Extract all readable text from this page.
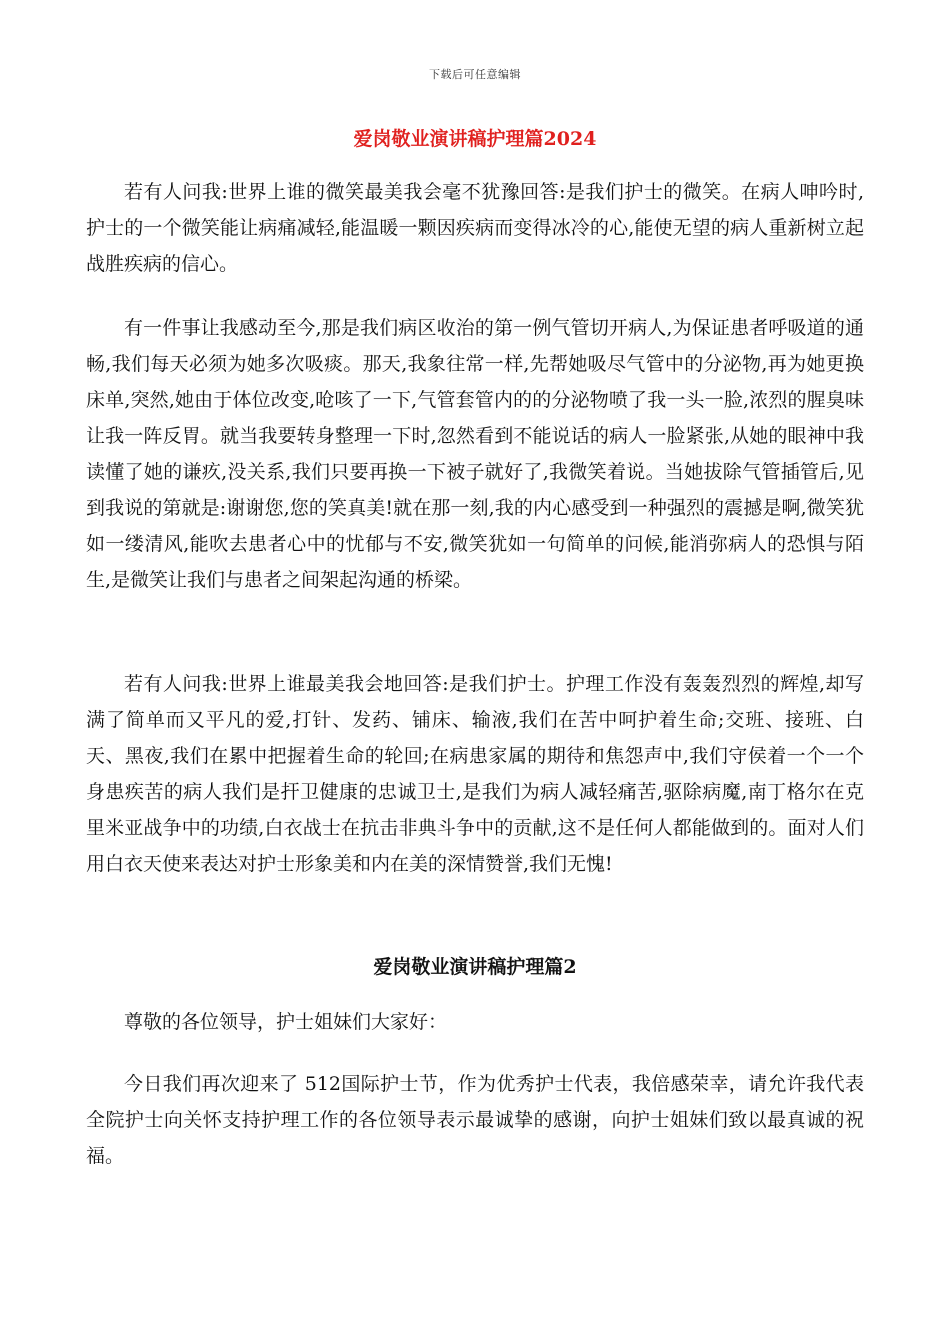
下载后可任意编辑
爱岗敬业演讲稿护理篇2024

若有人问我:世界上谁的微笑最美我会毫不犹豫回答:是我们护士的微笑。在病人呻吟时,护士的一个微笑能让病痛减轻,能温暖一颗因疾病而变得冰冷的心,能使无望的病人重新树立起战胜疾病的信心。

有一件事让我感动至今,那是我们病区收治的第一例气管切开病人,为保证患者呼吸道的通畅,我们每天必须为她多次吸痰。那天,我象往常一样,先帮她吸尽气管中的分泌物,再为她更换床单,突然,她由于体位改变,呛咳了一下,气管套管内的的分泌物喷了我一头一脸,浓烈的腥臭味让我一阵反胃。就当我要转身整理一下时,忽然看到不能说话的病人一脸紧张,从她的眼神中我读懂了她的谦疚,没关系,我们只要再换一下被子就好了,我微笑着说。当她拔除气管插管后,见到我说的第就是:谢谢您,您的笑真美!就在那一刻,我的内心感受到一种强烈的震撼是啊,微笑犹如一缕清风,能吹去患者心中的忧郁与不安,微笑犹如一句简单的问候,能消弥病人的恐惧与陌生,是微笑让我们与患者之间架起沟通的桥梁。

若有人问我:世界上谁最美我会地回答:是我们护士。护理工作没有轰轰烈烈的辉煌,却写满了简单而又平凡的爱,打针、发药、铺床、输液,我们在苦中呵护着生命;交班、接班、白天、黑夜,我们在累中把握着生命的轮回;在病患家属的期待和焦怨声中,我们守侯着一个一个身患疾苦的病人我们是扞卫健康的忠诚卫士,是我们为病人减轻痛苦,驱除病魔,南丁格尔在克里米亚战争中的功绩,白衣战士在抗击非典斗争中的贡献,这不是任何人都能做到的。面对人们用白衣天使来表达对护士形象美和内在美的深情赞誉,我们无愧!

爱岗敬业演讲稿护理篇2

尊敬的各位领导，护士姐妹们大家好：

今日我们再次迎来了 512国际护士节，作为优秀护士代表，我倍感荣幸，请允许我代表全院护士向关怀支持护理工作的各位领导表示最诚挚的感谢，向护士姐妹们致以最真诚的祝福。
